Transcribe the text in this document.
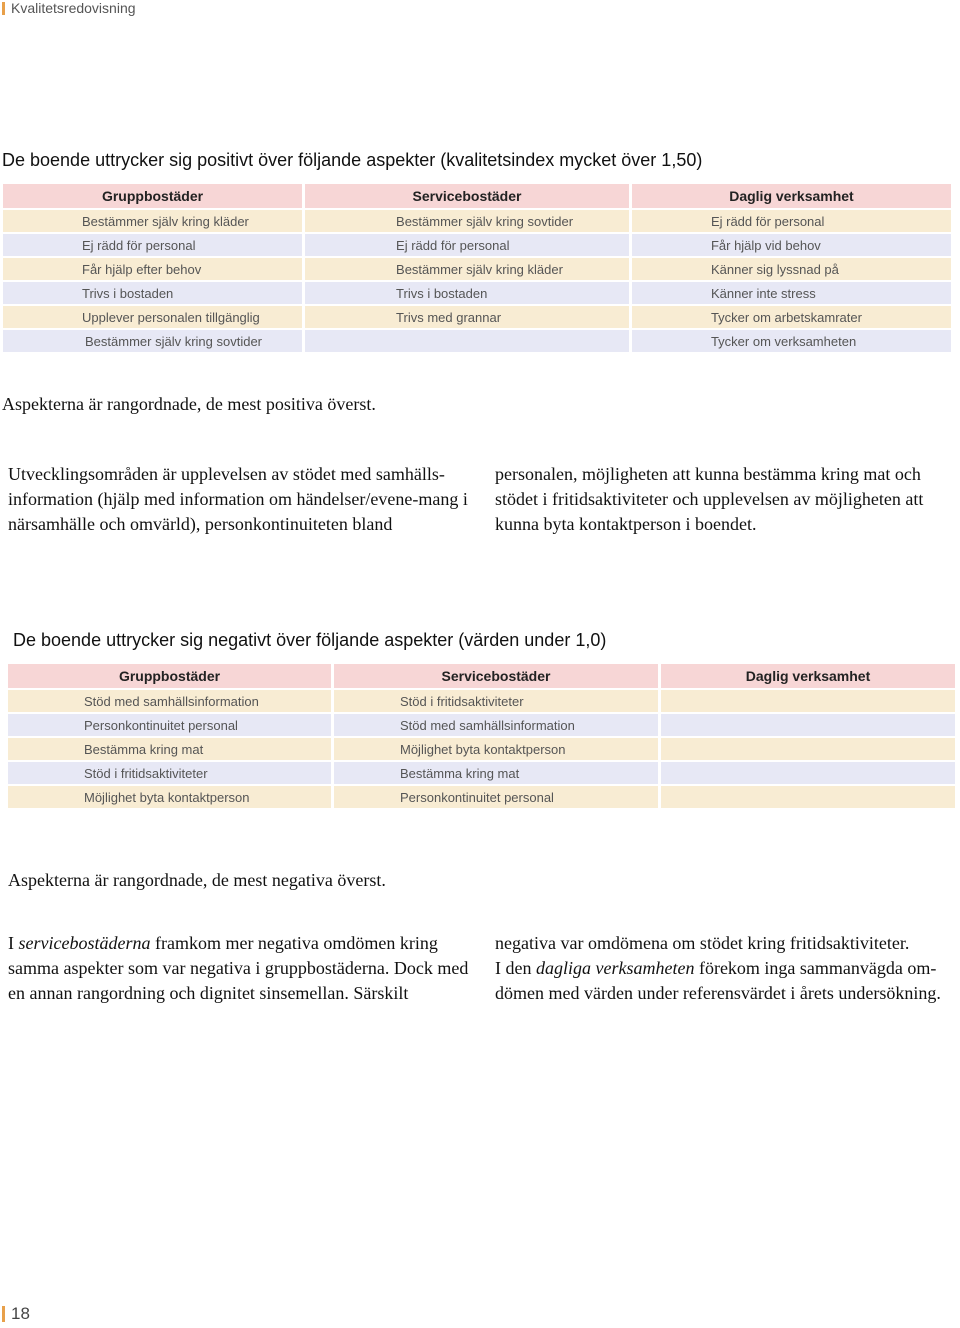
Kvalitetsredovisning
De boende uttrycker sig positivt över följande aspekter (kvalitetsindex mycket över 1,50)
Gruppbostäder	Servicebostäder	Daglig verksamhet
Bestämmer själv kring kläder	Bestämmer själv kring sovtider	Ej rädd för personal
Ej rädd för personal	Ej rädd för personal	Får hjälp vid behov
Får hjälp efter behov	Bestämmer själv kring kläder	Känner sig lyssnad på
Trivs i bostaden	Trivs i bostaden	Känner inte stress
Upplever personalen tillgänglig	Trivs med grannar	Tycker om arbetskamrater
Bestämmer själv kring sovtider		Tycker om verksamheten
Aspekterna är rangordnade, de mest positiva överst.

Utvecklingsområden är upplevelsen av stödet med samhälls-information (hjälp med information om händelser/evene-mang i närsamhälle och omvärld), personkontinuiteten bland

personalen, möjligheten att kunna bestämma kring mat och stödet i fritidsaktiviteter och upplevelsen av möjligheten att kunna byta kontaktperson i boendet.

De boende uttrycker sig negativt över följande aspekter (värden under 1,0)
Gruppbostäder	Servicebostäder	Daglig verksamhet
Stöd med samhällsinformation	Stöd i fritidsaktiviteter	
Personkontinuitet personal	Stöd med samhällsinformation	
Bestämma kring mat	Möjlighet byta kontaktperson	
Stöd i fritidsaktiviteter	Bestämma kring mat	
Möjlighet byta kontaktperson	Personkontinuitet personal	
Aspekterna är rangordnade, de mest negativa överst.

I servicebostäderna framkom mer negativa omdömen kring samma aspekter som var negativa i gruppbostäderna. Dock med en annan rangordning och dignitet sinsemellan. Särskilt

negativa var omdömena om stödet kring fritidsaktiviteter.

I den dagliga verksamheten förekom inga sammanvägda om-dömen med värden under referensvärdet i årets undersökning.

18
